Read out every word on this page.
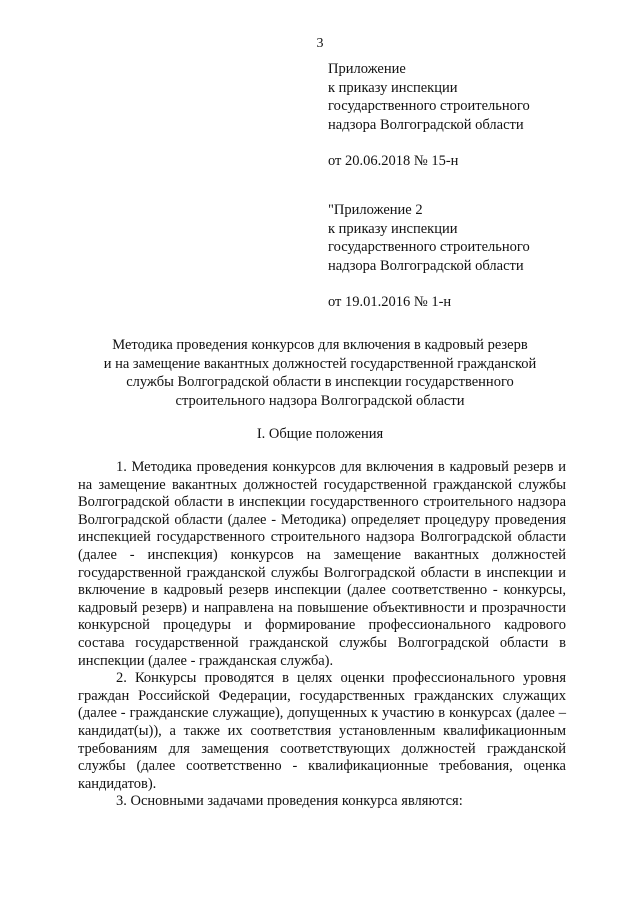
3
Приложение
к приказу инспекции
государственного строительного
надзора Волгоградской области
от 20.06.2018 № 15-н
"Приложение 2
к приказу инспекции
государственного строительного
надзора Волгоградской области
от 19.01.2016 № 1-н
Методика проведения конкурсов для включения в кадровый резерв
и на замещение вакантных должностей государственной гражданской
службы Волгоградской области в инспекции государственного
строительного надзора Волгоградской области
I. Общие положения

1. Методика проведения конкурсов для включения в кадровый резерв и на замещение вакантных должностей государственной гражданской службы Волгоградской области в инспекции государственного строительного надзора Волгоградской области (далее - Методика) определяет процедуру проведения инспекцией государственного строительного надзора Волгоградской области (далее - инспекция) конкурсов на замещение вакантных должностей государственной гражданской службы Волгоградской области в инспекции и включение в кадровый резерв инспекции (далее соответственно - конкурсы, кадровый резерв) и направлена на повышение объективности и прозрачности конкурсной процедуры и формирование профессионального кадрового состава государственной гражданской службы Волгоградской области в инспекции (далее - гражданская служба).

2. Конкурсы проводятся в целях оценки профессионального уровня граждан Российской Федерации, государственных гражданских служащих (далее - гражданские служащие), допущенных к участию в конкурсах (далее – кандидат(ы)), а также их соответствия установленным квалификационным требованиям для замещения соответствующих должностей гражданской службы (далее соответственно - квалификационные требования, оценка кандидатов).

3. Основными задачами проведения конкурса являются:
